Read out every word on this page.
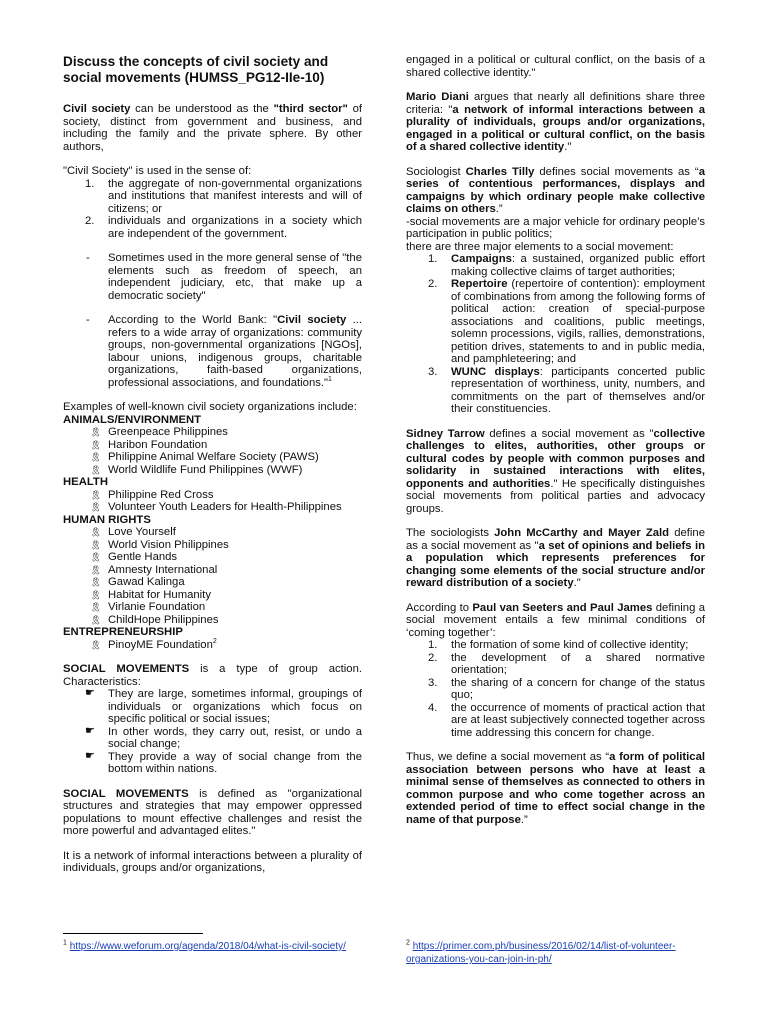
Discuss the concepts of civil society and social movements (HUMSS_PG12-IIe-10)

Civil society can be understood as the "third sector" of society, distinct from government and business, and including the family and the private sphere. By other authors,

"Civil Society" is used in the sense of:

1. the aggregate of non-governmental organizations and institutions that manifest interests and will of citizens; or
2. individuals and organizations in a society which are independent of the government.
- Sometimes used in the more general sense of "the elements such as freedom of speech, an independent judiciary, etc, that make up a democratic society"
- According to the World Bank: "Civil society ... refers to a wide array of organizations: community groups, non-governmental organizations [NGOs], labour unions, indigenous groups, charitable organizations, faith-based organizations, professional associations, and foundations."$^1$

Examples of well-known civil society organizations include:

ANIMALS/ENVIRONMENT
🎗 Greenpeace Philippines
🎗 Haribon Foundation
🎗 Philippine Animal Welfare Society (PAWS)
🎗 World Wildlife Fund Philippines (WWF)
HEALTH
🎗 Philippine Red Cross
🎗 Volunteer Youth Leaders for Health-Philippines
HUMAN RIGHTS
🎗 Love Yourself
🎗 World Vision Philippines
🎗 Gentle Hands
🎗 Amnesty International
🎗 Gawad Kalinga
🎗 Habitat for Humanity
🎗 Virlanie Foundation
🎗 ChildHope Philippines
ENTREPRENEURSHIP
🎗 PinoyME Foundation$^2$

SOCIAL MOVEMENTS is a type of group action. Characteristics:

☛ They are large, sometimes informal, groupings of individuals or organizations which focus on specific political or social issues;
☛ In other words, they carry out, resist, or undo a social change;
☛ They provide a way of social change from the bottom within nations.

SOCIAL MOVEMENTS is defined as "organizational structures and strategies that may empower oppressed populations to mount effective challenges and resist the more powerful and advantaged elites."

It is a network of informal interactions between a plurality of individuals, groups and/or organizations,

engaged in a political or cultural conflict, on the basis of a shared collective identity."

Mario Diani argues that nearly all definitions share three criteria: "a network of informal interactions between a plurality of individuals, groups and/or organizations, engaged in a political or cultural conflict, on the basis of a shared collective identity."

Sociologist Charles Tilly defines social movements as “a series of contentious performances, displays and campaigns by which ordinary people make collective claims on others.”

-social movements are a major vehicle for ordinary people's participation in public politics;

there are three major elements to a social movement:

1. Campaigns: a sustained, organized public effort making collective claims of target authorities;
2. Repertoire (repertoire of contention): employment of combinations from among the following forms of political action: creation of special-purpose associations and coalitions, public meetings, solemn processions, vigils, rallies, demonstrations, petition drives, statements to and in public media, and pamphleteering; and
3. WUNC displays: participants concerted public representation of worthiness, unity, numbers, and commitments on the part of themselves and/or their constituencies.

Sidney Tarrow defines a social movement as "collective challenges to elites, authorities, other groups or cultural codes by people with common purposes and solidarity in sustained interactions with elites, opponents and authorities." He specifically distinguishes social movements from political parties and advocacy groups.

The sociologists John McCarthy and Mayer Zald define as a social movement as "a set of opinions and beliefs in a population which represents preferences for changing some elements of the social structure and/or reward distribution of a society."

According to Paul van Seeters and Paul James defining a social movement entails a few minimal conditions of ‘coming together’:

1. the formation of some kind of collective identity;
2. the development of a shared normative orientation;
3. the sharing of a concern for change of the status quo;
4. the occurrence of moments of practical action that are at least subjectively connected together across time addressing this concern for change.

Thus, we define a social movement as “a form of political association between persons who have at least a minimal sense of themselves as connected to others in common purpose and who come together across an extended period of time to effect social change in the name of that purpose.”

$^1$ https://www.weforum.org/agenda/2018/04/what-is-civil-society/	$^2$ https://primer.com.ph/business/2016/02/14/list-of-volunteer-organizations-you-can-join-in-ph/
